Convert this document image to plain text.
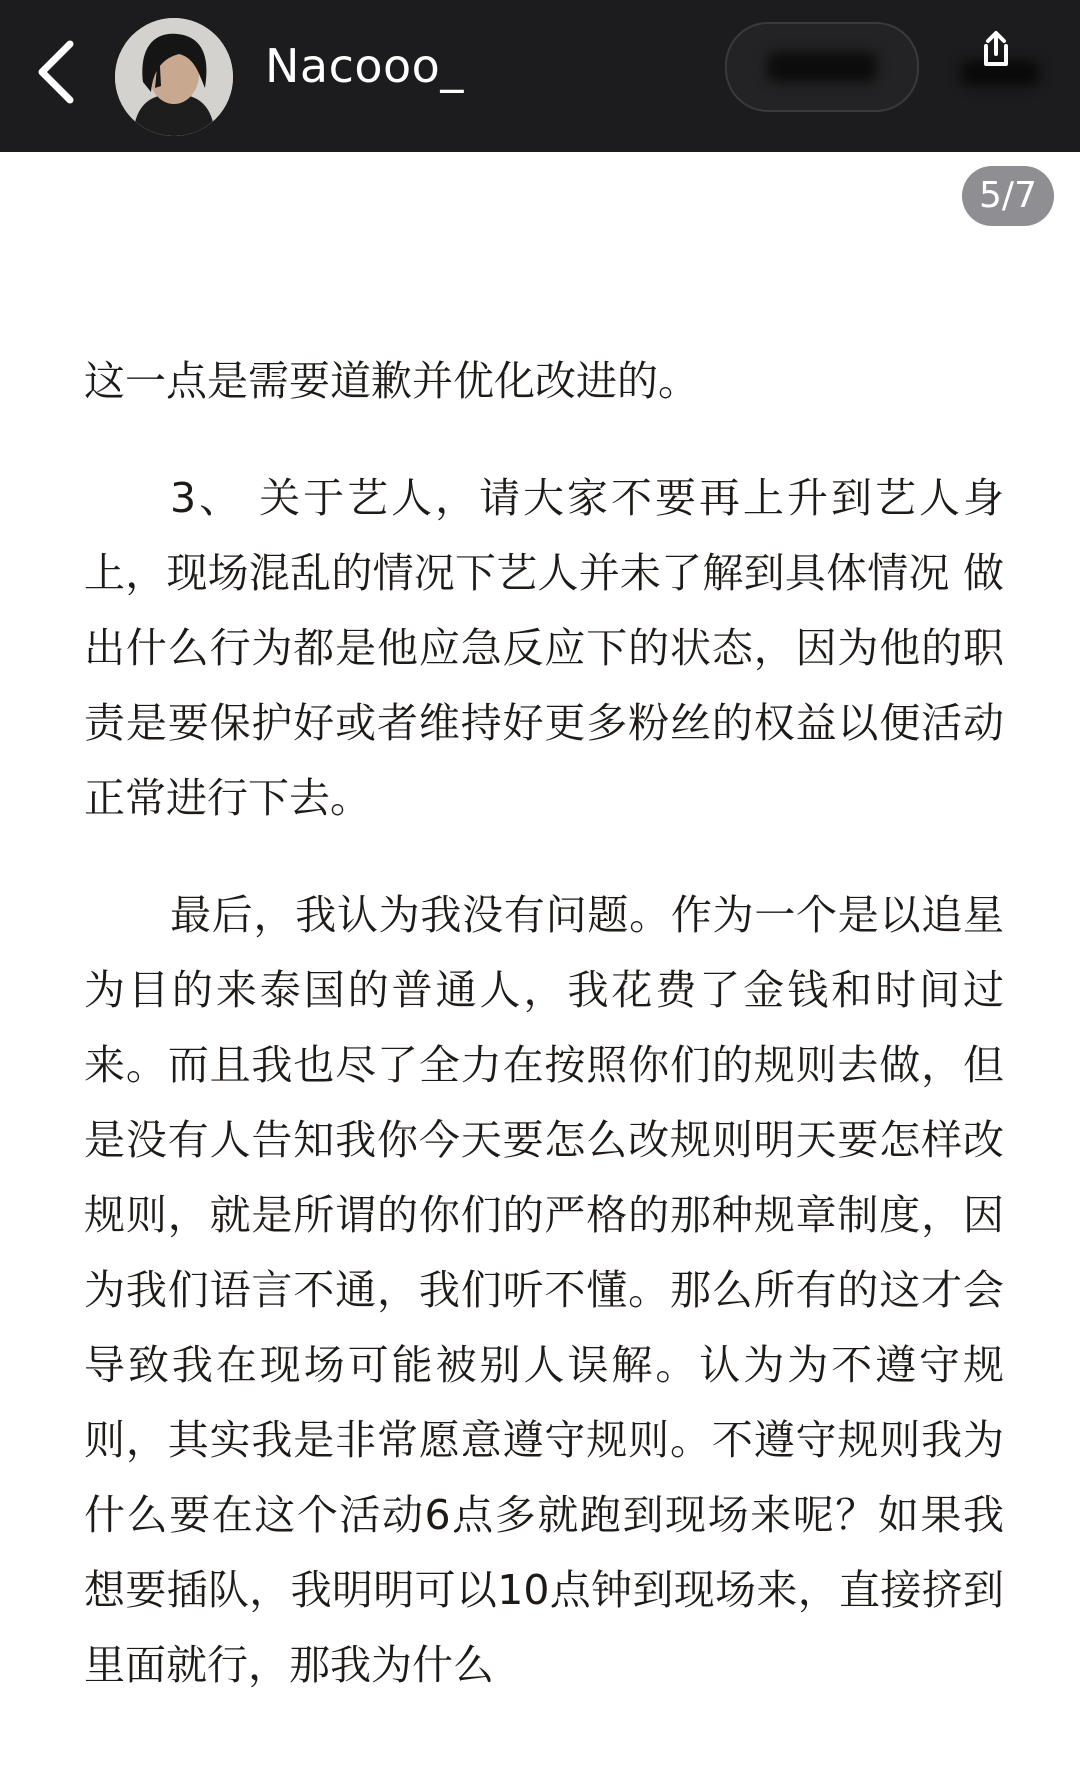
Nacooo_
5/7

这一点是需要道歉并优化改进的。

3、 关于艺人，请大家不要再上升到艺人身上，现场混乱的情况下艺人并未了解到具体情况 做出什么行为都是他应急反应下的状态，因为他的职责是要保护好或者维持好更多粉丝的权益以便活动正常进行下去。

最后，我认为我没有问题。作为一个是以追星为目的来泰国的普通人，我花费了金钱和时间过来。而且我也尽了全力在按照你们的规则去做，但是没有人告知我你今天要怎么改规则明天要怎样改规则，就是所谓的你们的严格的那种规章制度，因为我们语言不通，我们听不懂。那么所有的这才会导致我在现场可能被别人误解。认为为不遵守规则，其实我是非常愿意遵守规则。不遵守规则我为什么要在这个活动6点多就跑到现场来呢？如果我想要插队，我明明可以10点钟到现场来，直接挤到里面就行，那我为什么
